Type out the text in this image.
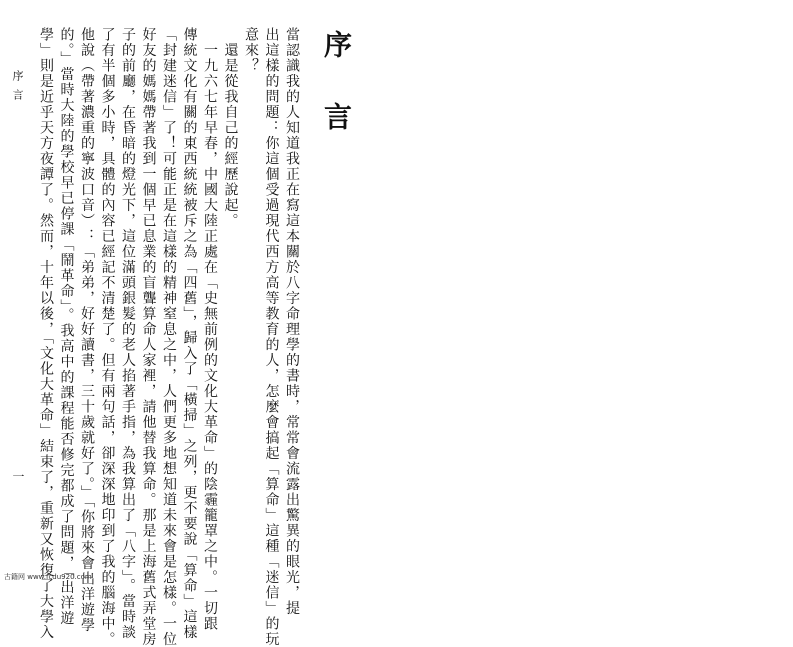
序　言

當認識我的人知道我正在寫這本關於八字命理學的書時，常常會流露出驚異的眼光，提

出這樣的問題：你這個受過現代西方高等教育的人，怎麼會搞起「算命」這種「迷信」的玩

意來？

　還是從我自己的經歷說起。

　一九六七年早春，中國大陸正處在「史無前例的文化大革命」的陰霾籠罩之中。一切跟

傳統文化有關的東西統統被斥之為「四舊」，歸入了「橫掃」之列，更不要說「算命」這樣

「封建迷信」了！可能正是在這樣的精神窒息之中，人們更多地想知道未來會是怎樣。一位

好友的媽媽帶著我到一個早已息業的盲聾算命人家裡，請他替我算命。那是上海舊式弄堂房

子的前廳，在昏暗的燈光下，這位滿頭銀髮的老人掐著手指，為我算出了「八字」。當時談

了有半個多小時，具體的內容已經記不清楚了。但有兩句話，卻深深地印到了我的腦海中。

他說（帶著濃重的寧波口音）：「弟弟，好好讀書，三十歲就好了。」「你將來會出洋遊學

的。」當時大陸的學校早已停課「鬧革命」。我高中的課程能否修完都成了問題，「出洋遊

學」則是近乎天方夜譚了。然而，十年以後，「文化大革命」結束了，重新又恢復了大學入

序言
一
古籍网 www.fcdu920.com
